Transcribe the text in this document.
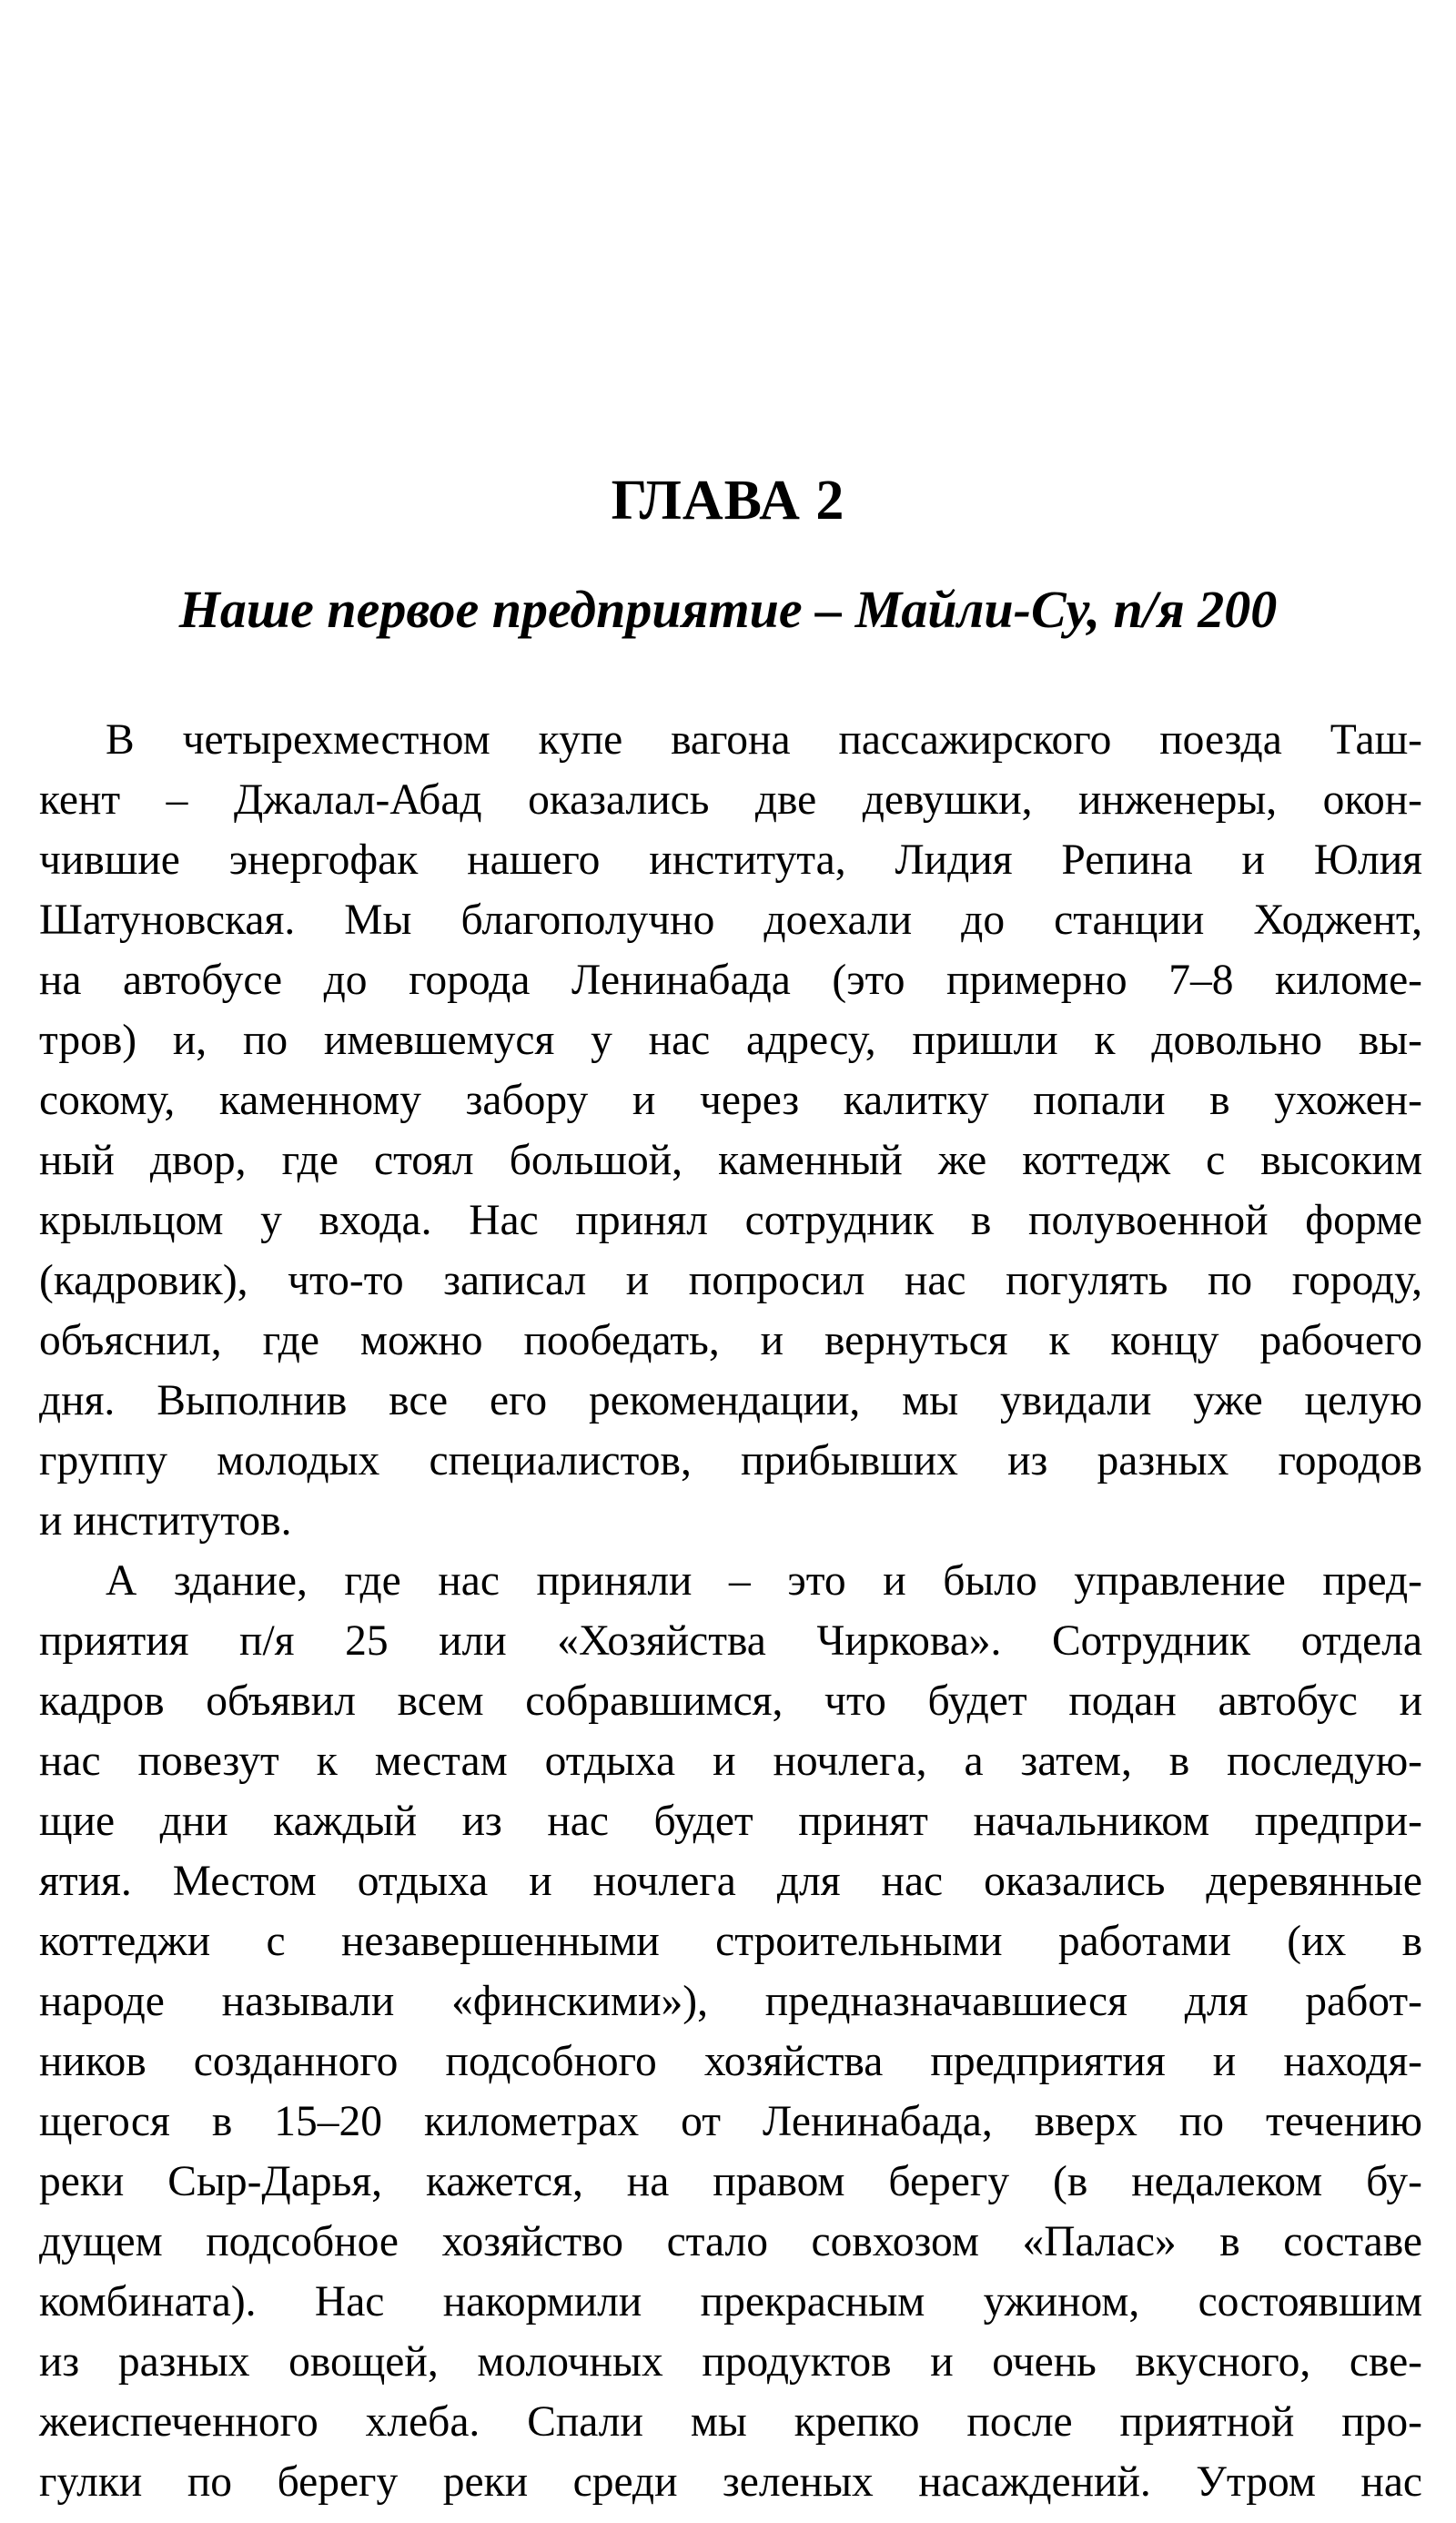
ГЛАВА 2
Наше первое предприятие – Майли-Су, п/я 200
В четырехместном купе вагона пассажирского поезда Таш-
кент – Джалал-Абад оказались две девушки, инженеры, окон-
чившие энергофак нашего института, Лидия Репина и Юлия
Шатуновская. Мы благополучно доехали до станции Ходжент,
на автобусе до города Ленинабада (это примерно 7–8 киломе-
тров) и, по имевшемуся у нас адресу, пришли к довольно вы-
сокому, каменному забору и через калитку попали в ухожен-
ный двор, где стоял большой, каменный же коттедж с высоким
крыльцом у входа. Нас принял сотрудник в полувоенной форме
(кадровик), что-то записал и попросил нас погулять по городу,
объяснил, где можно пообедать, и вернуться к концу рабочего
дня. Выполнив все его рекомендации, мы увидали уже целую
группу молодых специалистов, прибывших из разных городов
и институтов.
А здание, где нас приняли – это и было управление пред-
приятия п/я 25 или «Хозяйства Чиркова». Сотрудник отдела
кадров объявил всем собравшимся, что будет подан автобус и
нас повезут к местам отдыха и ночлега, а затем, в последую-
щие дни каждый из нас будет принят начальником предпри-
ятия. Местом отдыха и ночлега для нас оказались деревянные
коттеджи с незавершенными строительными работами (их в
народе называли «финскими»), предназначавшиеся для работ-
ников созданного подсобного хозяйства предприятия и находя-
щегося в 15–20 километрах от Ленинабада, вверх по течению
реки Сыр-Дарья, кажется, на правом берегу (в недалеком бу-
дущем подсобное хозяйство стало совхозом «Палас» в составе
комбината). Нас накормили прекрасным ужином, состоявшим
из разных овощей, молочных продуктов и очень вкусного, све-
жеиспеченного хлеба. Спали мы крепко после приятной про-
гулки по берегу реки среди зеленых насаждений. Утром нас
